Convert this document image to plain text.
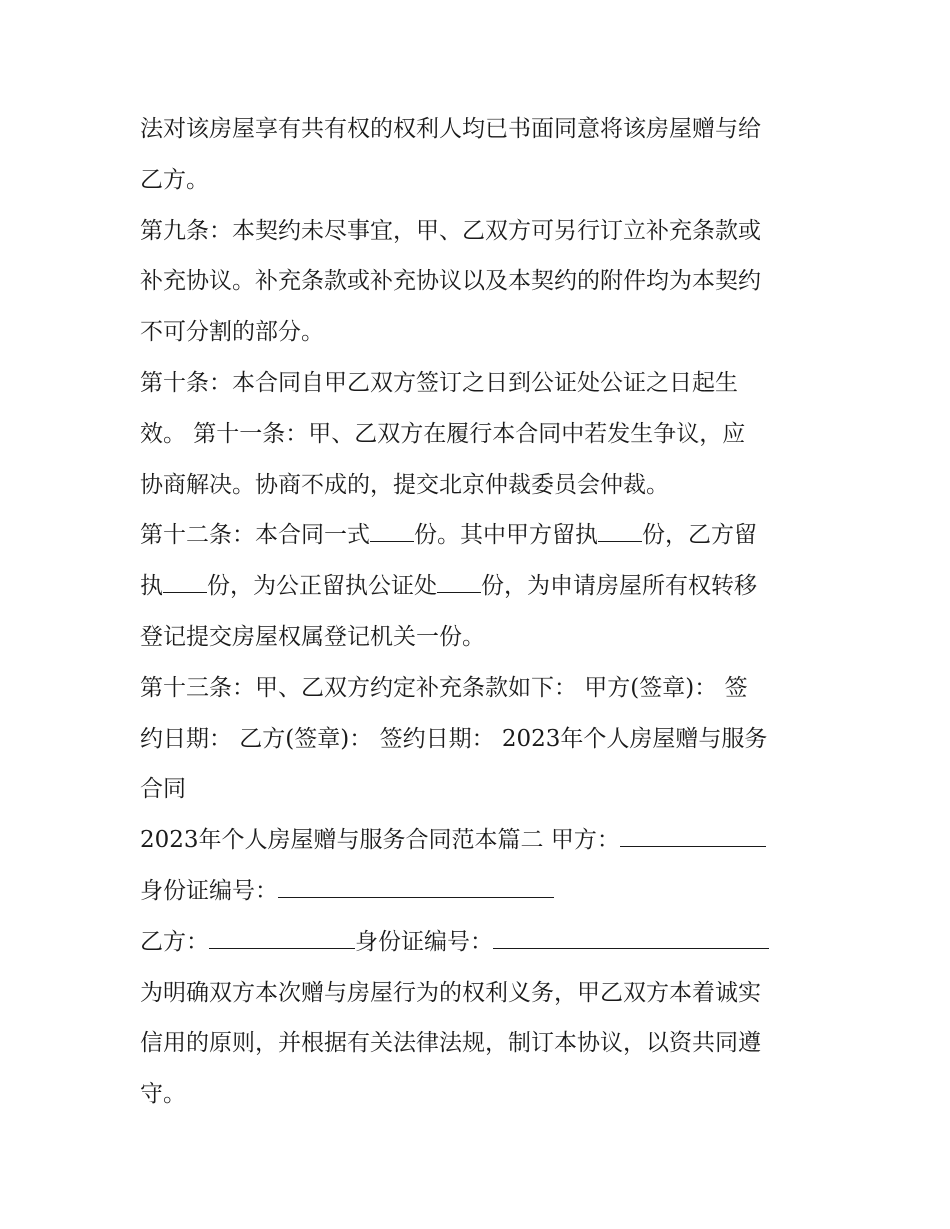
法对该房屋享有共有权的权利人均已书面同意将该房屋赠与给
乙方。

第九条：本契约未尽事宜，甲、乙双方可另行订立补充条款或
补充协议。补充条款或补充协议以及本契约的附件均为本契约
不可分割的部分。

第十条：本合同自甲乙双方签订之日到公证处公证之日起生
效。 第十一条：甲、乙双方在履行本合同中若发生争议，应
协商解决。协商不成的，提交北京仲裁委员会仲裁。

第十二条：本合同一式 份。其中甲方留执 份，乙方留
执 份，为公正留执公证处 份，为申请房屋所有权转移
登记提交房屋权属登记机关一份。

第十三条：甲、乙双方约定补充条款如下： 甲方(签章)： 签
约日期： 乙方(签章)： 签约日期： 2023年个人房屋赠与服务
合同

2023年个人房屋赠与服务合同范本篇二 甲方：

身份证编号：

乙方：	身份证编号：

为明确双方本次赠与房屋行为的权利义务，甲乙双方本着诚实
信用的原则，并根据有关法律法规，制订本协议，以资共同遵
守。
